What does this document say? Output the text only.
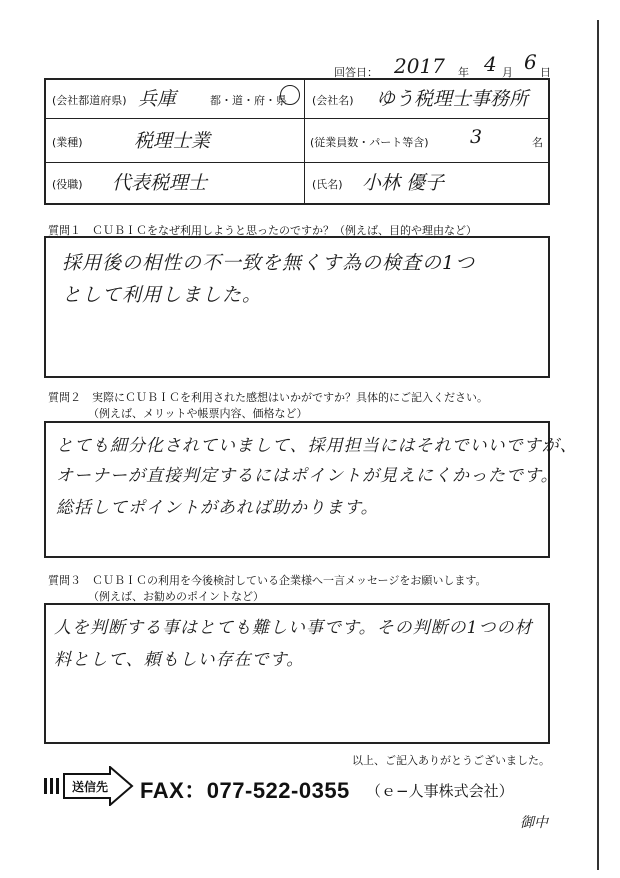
回答日： 2017 年 4 月 6 日
(会社都道府県) 兵庫	都・道・府・県 (会社名) ゆう税理士事務所
(業種)	税理士業	(従業員数・パート等含) 3	名
(役職) 代表税理士	(氏名) 小林 優子
質問１　ＣＵＢＩＣをなぜ利用しようと思ったのですか？（例えば、目的や理由など）
採用後の相性の不一致を無くす為の検査の1つ
として利用しました。
質問２　実際にＣＵＢＩＣを利用された感想はいかがですか？具体的にご記入ください。
（例えば、メリットや帳票内容、価格など）
とても細分化されていまして、採用担当にはそれでいいですが、
オーナーが直接判定するにはポイントが見えにくかったです。
総括してポイントがあれば助かります。
質問３　ＣＵＢＩＣの利用を今後検討している企業様へ一言メッセージをお願いします。
（例えば、お勧めのポイントなど）
人を判断する事はとても難しい事です。その判断の1つの材
料として、頼もしい存在です。
以上、ご記入ありがとうございました。
送信先 FAX：077-522-0355 （ｅ−人事株式会社）
御中
